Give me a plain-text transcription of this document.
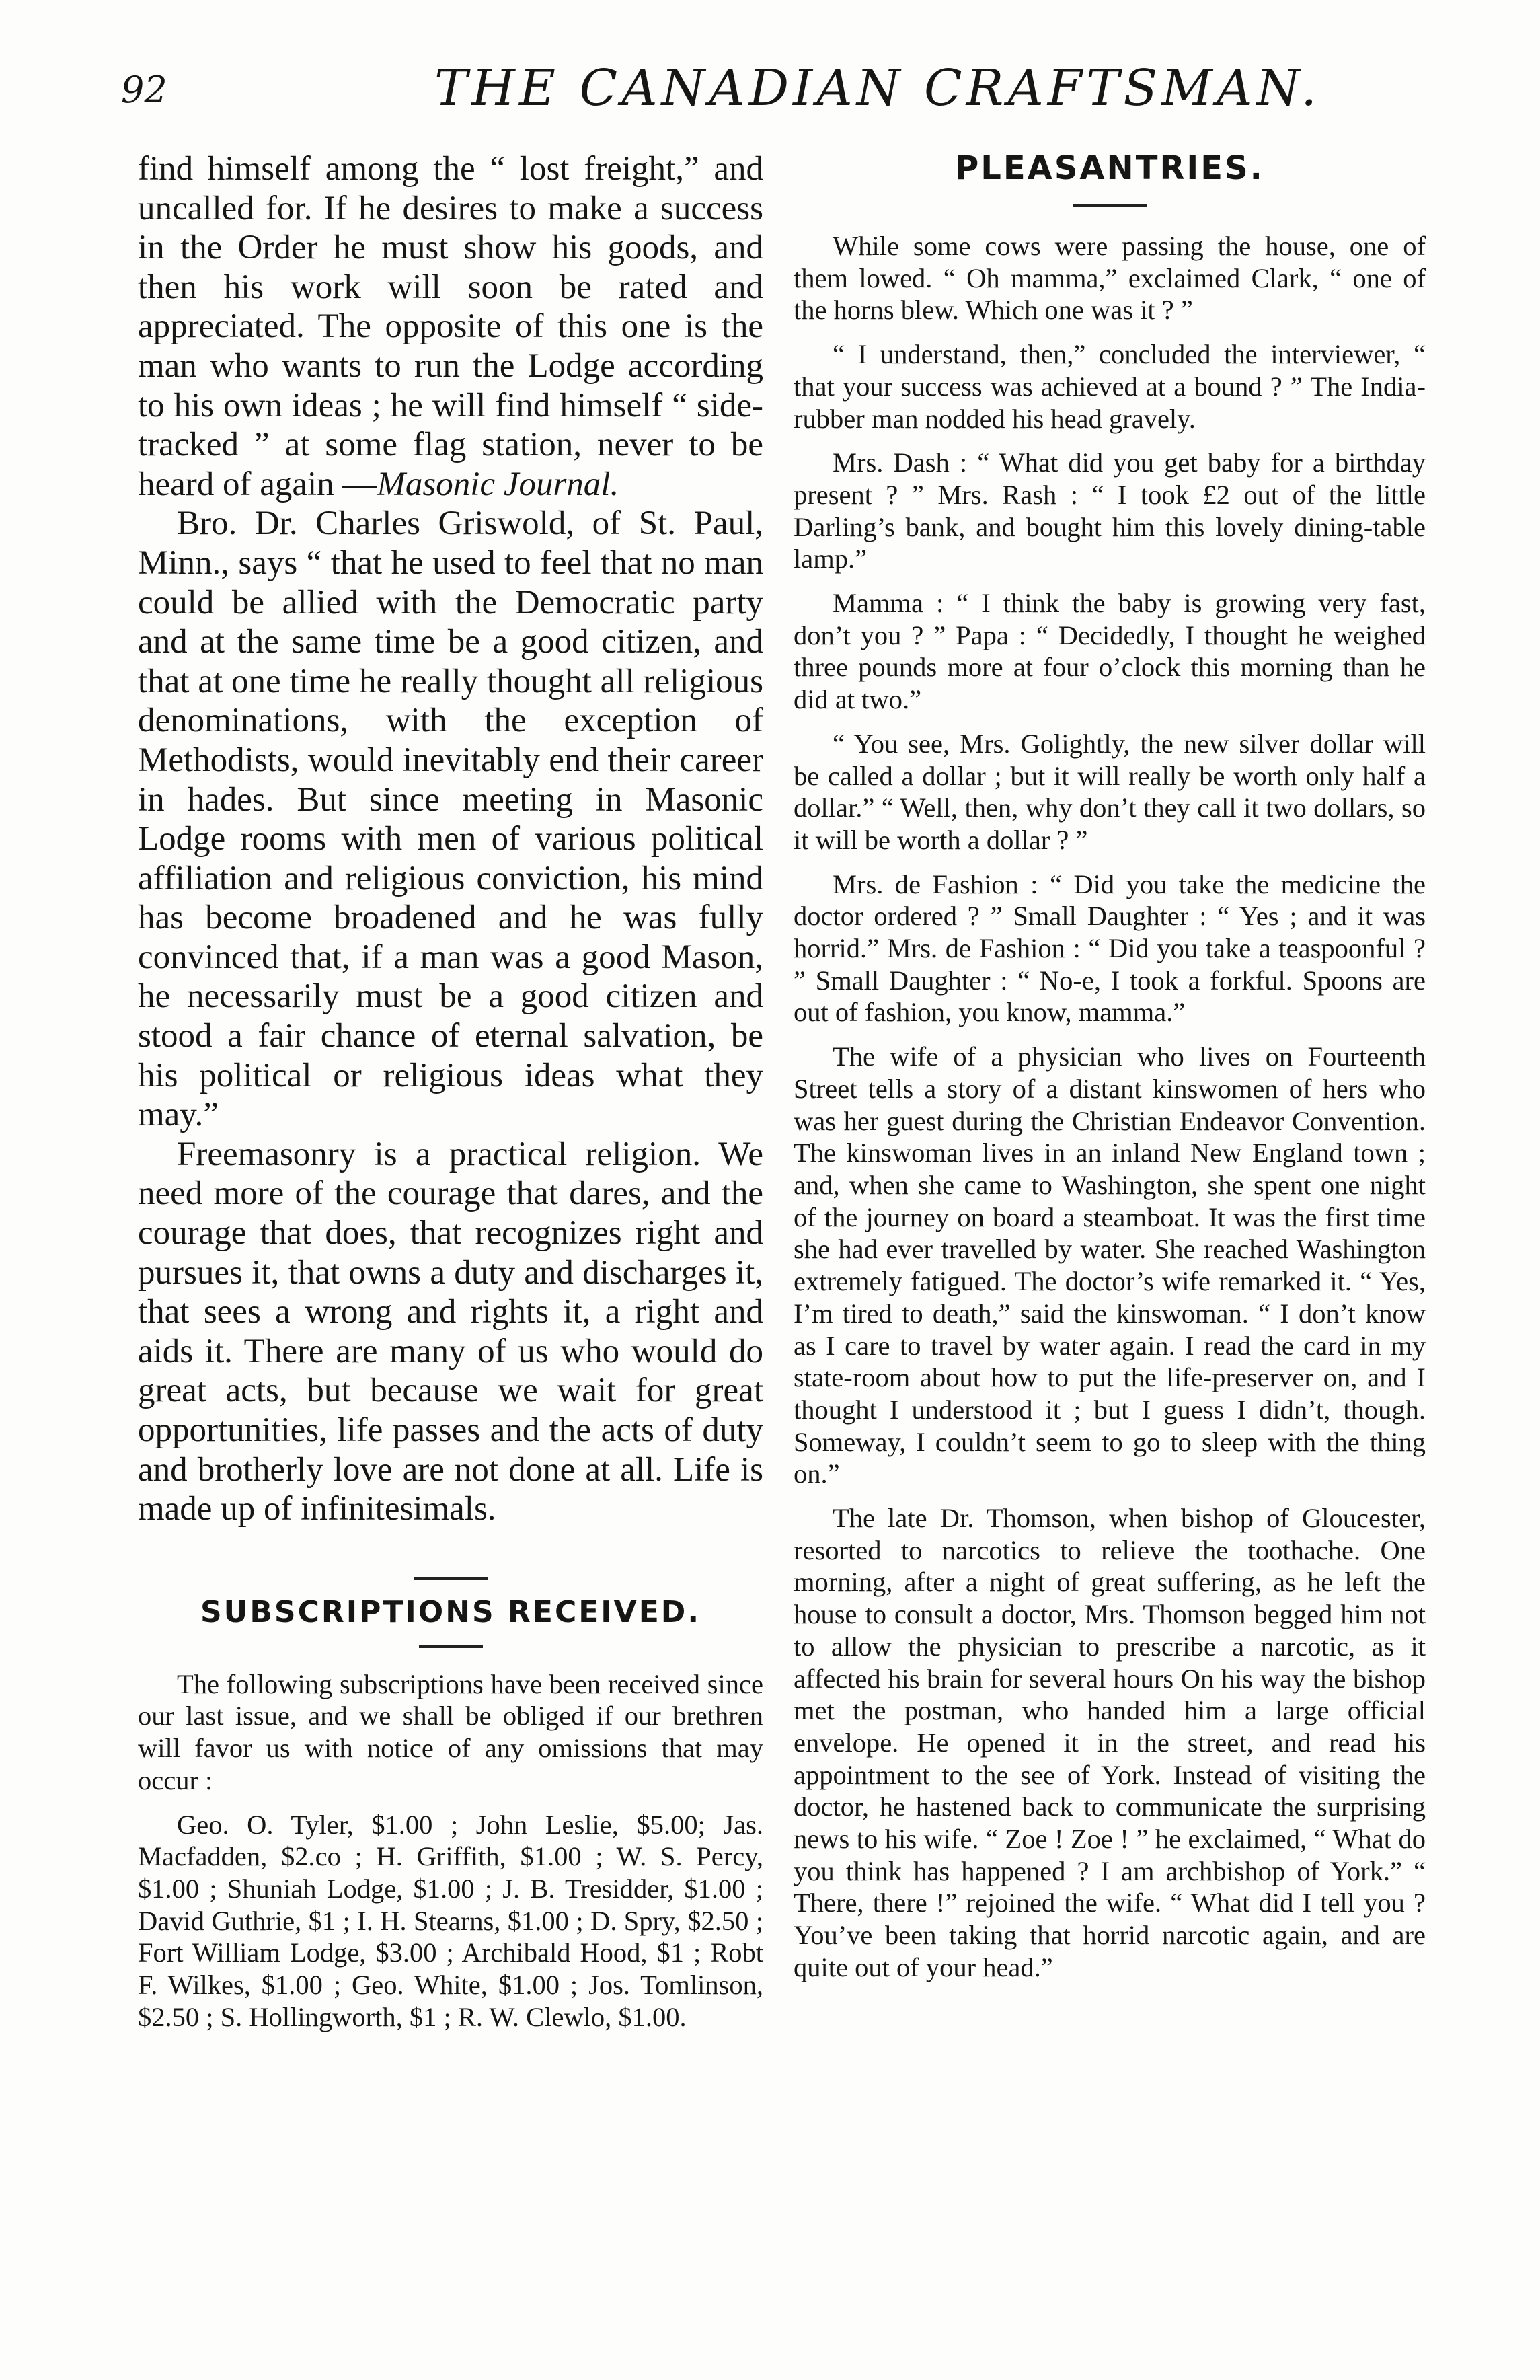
92	THE CANADIAN CRAFTSMAN.

find himself among the “ lost freight,” and uncalled for. If he desires to make a success in the Order he must show his goods, and then his work will soon be rated and appreciated. The opposite of this one is the man who wants to run the Lodge according to his own ideas ; he will find himself “ side-tracked ” at some flag station, never to be heard of again —Masonic Journal.

Bro. Dr. Charles Griswold, of St. Paul, Minn., says “ that he used to feel that no man could be allied with the Democratic party and at the same time be a good citizen, and that at one time he really thought all religious denominations, with the exception of Methodists, would inevitably end their career in hades. But since meeting in Masonic Lodge rooms with men of various political affiliation and religious conviction, his mind has become broadened and he was fully convinced that, if a man was a good Mason, he necessarily must be a good citizen and stood a fair chance of eternal salvation, be his political or religious ideas what they may.”

Freemasonry is a practical religion. We need more of the courage that dares, and the courage that does, that recognizes right and pursues it, that owns a duty and discharges it, that sees a wrong and rights it, a right and aids it. There are many of us who would do great acts, but because we wait for great opportunities, life passes and the acts of duty and brotherly love are not done at all. Life is made up of infinitesimals.

SUBSCRIPTIONS RECEIVED.

The following subscriptions have been received since our last issue, and we shall be obliged if our brethren will favor us with notice of any omissions that may occur :

Geo. O. Tyler, $1.00 ; John Leslie, $5.00; Jas. Macfadden, $2.co ; H. Griffith, $1.00 ; W. S. Percy, $1.00 ; Shuniah Lodge, $1.00 ; J. B. Tresidder, $1.00 ; David Guthrie, $1 ; I. H. Stearns, $1.00 ; D. Spry, $2.50 ; Fort William Lodge, $3.00 ; Archibald Hood, $1 ; Robt F. Wilkes, $1.00 ; Geo. White, $1.00 ; Jos. Tomlinson, $2.50 ; S. Hollingworth, $1 ; R. W. Clewlo, $1.00.

PLEASANTRIES.

While some cows were passing the house, one of them lowed. “ Oh mamma,” exclaimed Clark, “ one of the horns blew. Which one was it ? ”

“ I understand, then,” concluded the interviewer, “ that your success was achieved at a bound ? ” The India-rubber man nodded his head gravely.

Mrs. Dash : “ What did you get baby for a birthday present ? ” Mrs. Rash : “ I took £2 out of the little Darling’s bank, and bought him this lovely dining-table lamp.”

Mamma : “ I think the baby is growing very fast, don’t you ? ” Papa : “ Decidedly, I thought he weighed three pounds more at four o’clock this morning than he did at two.”

“ You see, Mrs. Golightly, the new silver dollar will be called a dollar ; but it will really be worth only half a dollar.” “ Well, then, why don’t they call it two dollars, so it will be worth a dollar ? ”

Mrs. de Fashion : “ Did you take the medicine the doctor ordered ? ” Small Daughter : “ Yes ; and it was horrid.” Mrs. de Fashion : “ Did you take a teaspoonful ? ” Small Daughter : “ No-e, I took a forkful. Spoons are out of fashion, you know, mamma.”

The wife of a physician who lives on Fourteenth Street tells a story of a distant kinswomen of hers who was her guest during the Christian Endeavor Convention. The kinswoman lives in an inland New England town ; and, when she came to Washington, she spent one night of the journey on board a steamboat. It was the first time she had ever travelled by water. She reached Washington extremely fatigued. The doctor’s wife remarked it. “ Yes, I’m tired to death,” said the kinswoman. “ I don’t know as I care to travel by water again. I read the card in my state-room about how to put the life-preserver on, and I thought I understood it ; but I guess I didn’t, though. Someway, I couldn’t seem to go to sleep with the thing on.”

The late Dr. Thomson, when bishop of Gloucester, resorted to narcotics to relieve the toothache. One morning, after a night of great suffering, as he left the house to consult a doctor, Mrs. Thomson begged him not to allow the physician to prescribe a narcotic, as it affected his brain for several hours On his way the bishop met the postman, who handed him a large official envelope. He opened it in the street, and read his appointment to the see of York. Instead of visiting the doctor, he hastened back to communicate the surprising news to his wife. “ Zoe ! Zoe ! ” he exclaimed, “ What do you think has happened ? I am archbishop of York.” “ There, there !” rejoined the wife. “ What did I tell you ? You’ve been taking that horrid narcotic again, and are quite out of your head.”
